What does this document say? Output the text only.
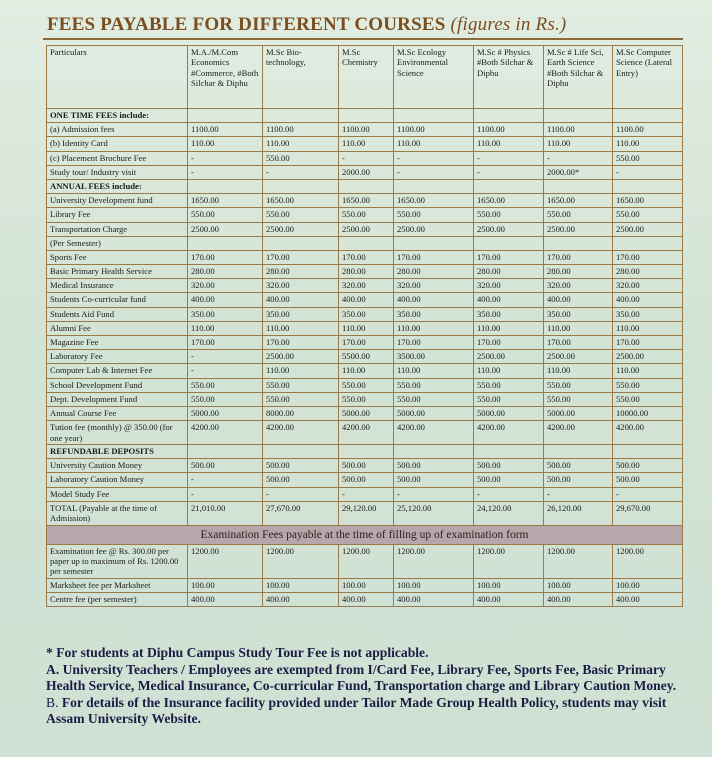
FEES PAYABLE FOR DIFFERENT COURSES (figures in Rs.)
Particulars	M.A./M.Com Economics #Commerce, #Both Silchar & Diphu	M.Sc Bio-technology,	M.Sc Chemistry	M.Sc Ecology Environmental Science	M.Sc # Physics #Both Silchar & Diphu	M.Sc # Life Sci, Earth Science #Both Silchar & Diphu	M.Sc Computer Science (Lateral Entry)
ONE TIME FEES include:							
(a) Admission fees	1100.00	1100.00	1100.00	1100.00	1100.00	1100.00	1100.00
(b) Identity Card	110.00	110.00	110.00	110.00	110.00	110.00	110.00
(c) Placement Brochure Fee	-	550.00	-	-	-	-	550.00
Study tour/ Industry visit	-	-	2000.00	-	-	2000.00*	-
ANNUAL FEES include:							
University Development fund	1650.00	1650.00	1650.00	1650.00	1650.00	1650.00	1650.00
Library Fee	550.00	550.00	550.00	550.00	550.00	550.00	550.00
Transportation Charge	2500.00	2500.00	2500.00	2500.00	2500.00	2500.00	2500.00
(Per Semester)							
Sports Fee	170.00	170.00	170.00	170.00	170.00	170.00	170.00
Basic Primary Health Service	280.00	280.00	280.00	280.00	280.00	280.00	280.00
Medical Insurance	320.00	320.00	320.00	320.00	320.00	320.00	320.00
Students Co-curricular fund	400.00	400.00	400.00	400.00	400.00	400.00	400.00
Students Aid Fund	350.00	350.00	350.00	350.00	350.00	350.00	350.00
Alumni Fee	110.00	110.00	110.00	110.00	110.00	110.00	110.00
Magazine Fee	170.00	170.00	170.00	170.00	170.00	170.00	170.00
Laboratory Fee	-	2500.00	5500.00	3500.00	2500.00	2500.00	2500.00
Computer Lab & Internet Fee	-	110.00	110.00	110.00	110.00	110.00	110.00
School Development Fund	550.00	550.00	550.00	550.00	550.00	550.00	550.00
Dept. Development Fund	550.00	550.00	550.00	550.00	550.00	550.00	550.00
Annual Course Fee	5000.00	8000.00	5000.00	5000.00	5000.00	5000.00	10000.00
Tution fee (monthly) @ 350.00 (for one year)	4200.00	4200.00	4200.00	4200.00	4200.00	4200.00	4200.00
REFUNDABLE DEPOSITS							
University Caution Money	500.00	500.00	500.00	500.00	500.00	500.00	500.00
Laboratory Caution Money	-	500.00	500.00	500.00	500.00	500.00	500.00
Model Study Fee	-	-	-	-	-	-	-
TOTAL (Payable at the time of Admission)	21,010.00	27,670.00	29,120.00	25,120.00	24,120.00	26,120.00	29,670.00
Examination Fees payable at the time of filling up of examination form							
Examination fee @ Rs. 300.00 per paper up to maximum of Rs. 1200.00 per semester	1200.00	1200.00	1200.00	1200.00	1200.00	1200.00	1200.00
Marksheet fee per Marksheet	100.00	100.00	100.00	100.00	100.00	100.00	100.00
Centre fee (per semester)	400.00	400.00	400.00	400.00	400.00	400.00	400.00

* For students at Diphu Campus Study Tour Fee is not applicable.

A. University Teachers / Employees are exempted from I/Card Fee, Library Fee, Sports Fee, Basic Primary Health Service, Medical Insurance, Co-curricular Fund, Transportation charge and Library Caution Money.

B. For details of the Insurance facility provided under Tailor Made Group Health Policy, students may visit Assam University Website.
